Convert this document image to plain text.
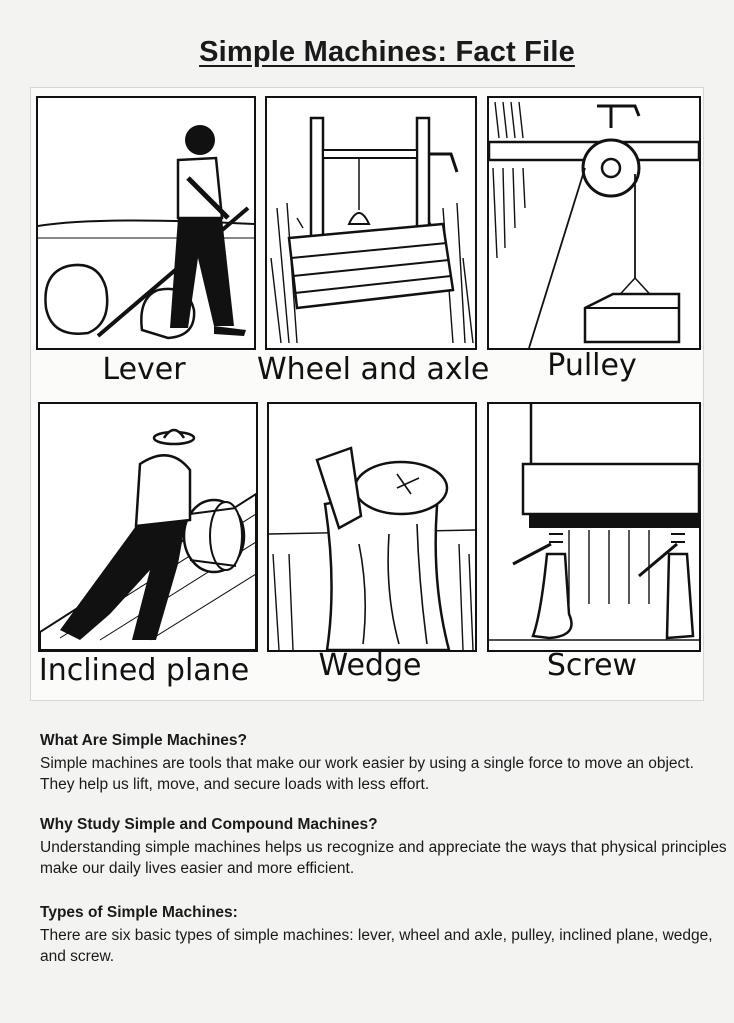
Simple Machines: Fact File
Lever	Wheel and axle	Pulley
Inclined plane	Wedge	Screw
What Are Simple Machines?

Simple machines are tools that make our work easier by using a single force to move an object. They help us lift, move, and secure loads with less effort.

Why Study Simple and Compound Machines?

Understanding simple machines helps us recognize and appreciate the ways that physical principles make our daily lives easier and more efficient.

Types of Simple Machines:

There are six basic types of simple machines: lever, wheel and axle, pulley, inclined plane, wedge, and screw.
